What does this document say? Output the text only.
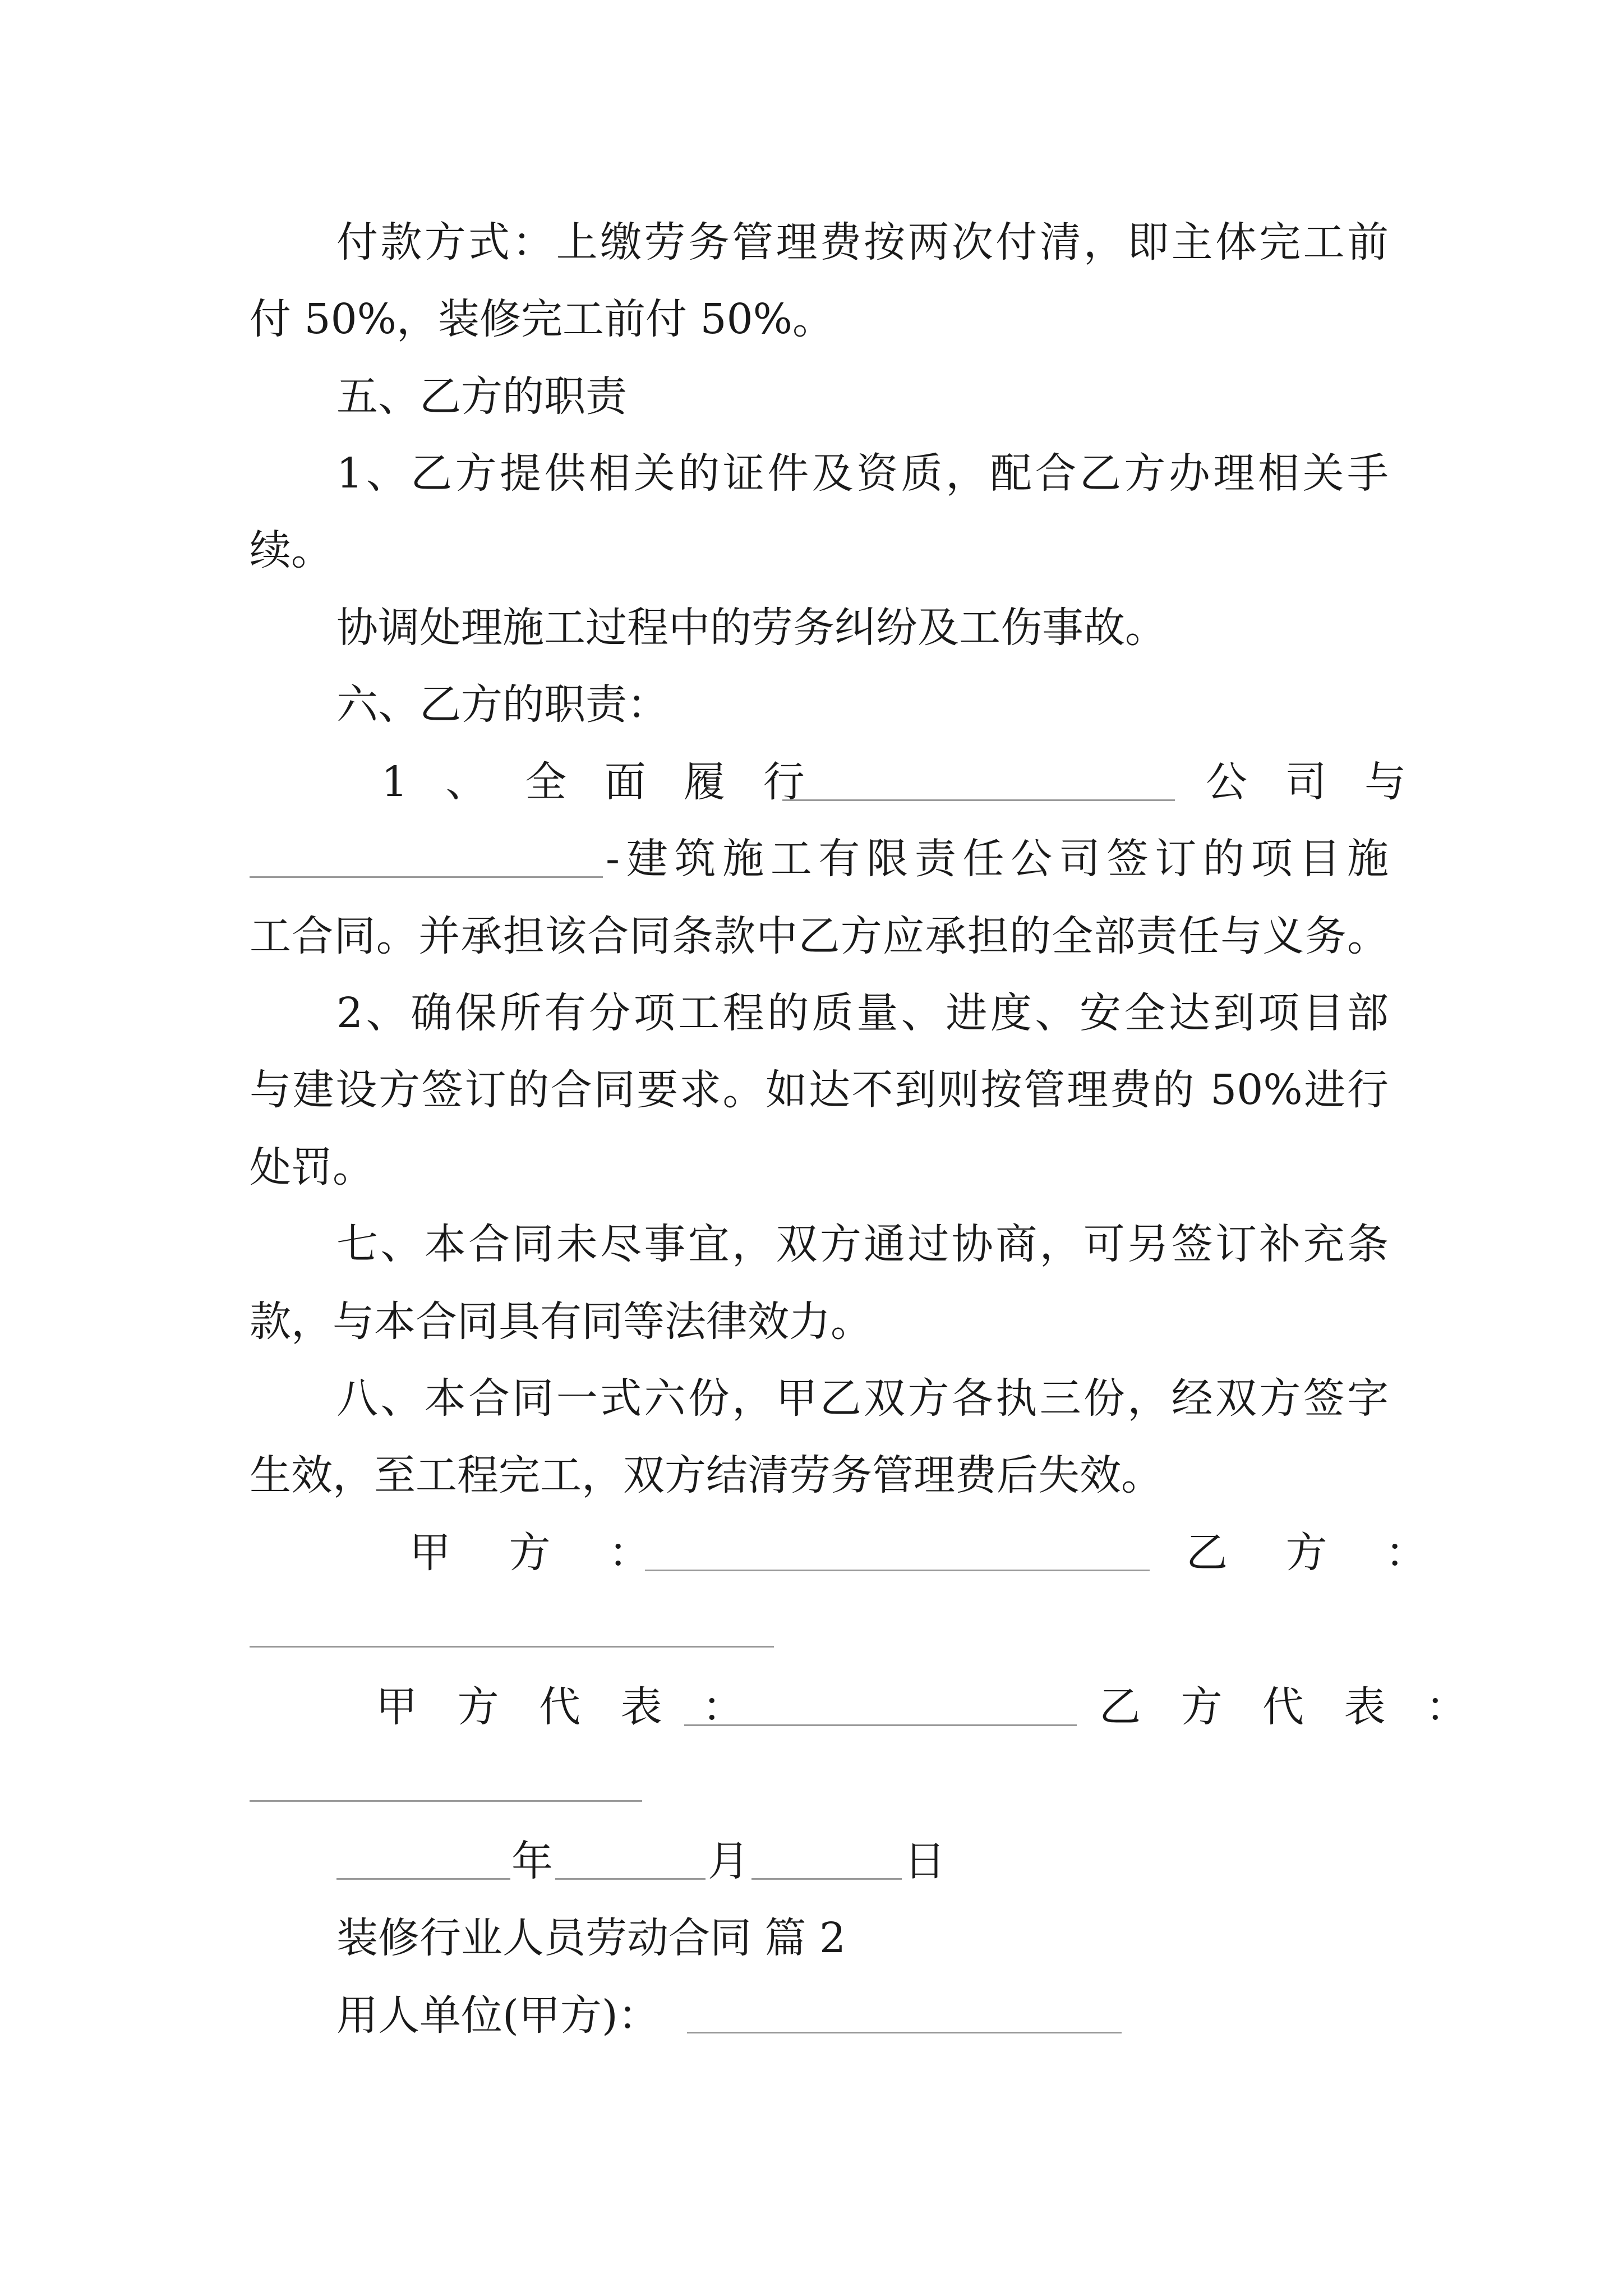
付款方式：上缴劳务管理费按两次付清，即主体完工前
付 50%，装修完工前付 50%。
五、乙方的职责
1、乙方提供相关的证件及资质，配合乙方办理相关手
续。
协调处理施工过程中的劳务纠纷及工伤事故。
六、乙方的职责：
1 、 全 面 履 行	公 司 与
-建筑施工有限责任公司签订的项目施
工合同。并承担该合同条款中乙方应承担的全部责任与义务。
2、确保所有分项工程的质量、进度、安全达到项目部
与建设方签订的合同要求。如达不到则按管理费的 50%进行
处罚。
七、本合同未尽事宜，双方通过协商，可另签订补充条
款，与本合同具有同等法律效力。
八、本合同一式六份，甲乙双方各执三份，经双方签字
生效，至工程完工，双方结清劳务管理费后失效。
甲 方 ：	乙 方 ：
甲 方 代 表 ：	乙 方 代 表 ：
年	月	日
装修行业人员劳动合同 篇 2
用人单位(甲方)：
